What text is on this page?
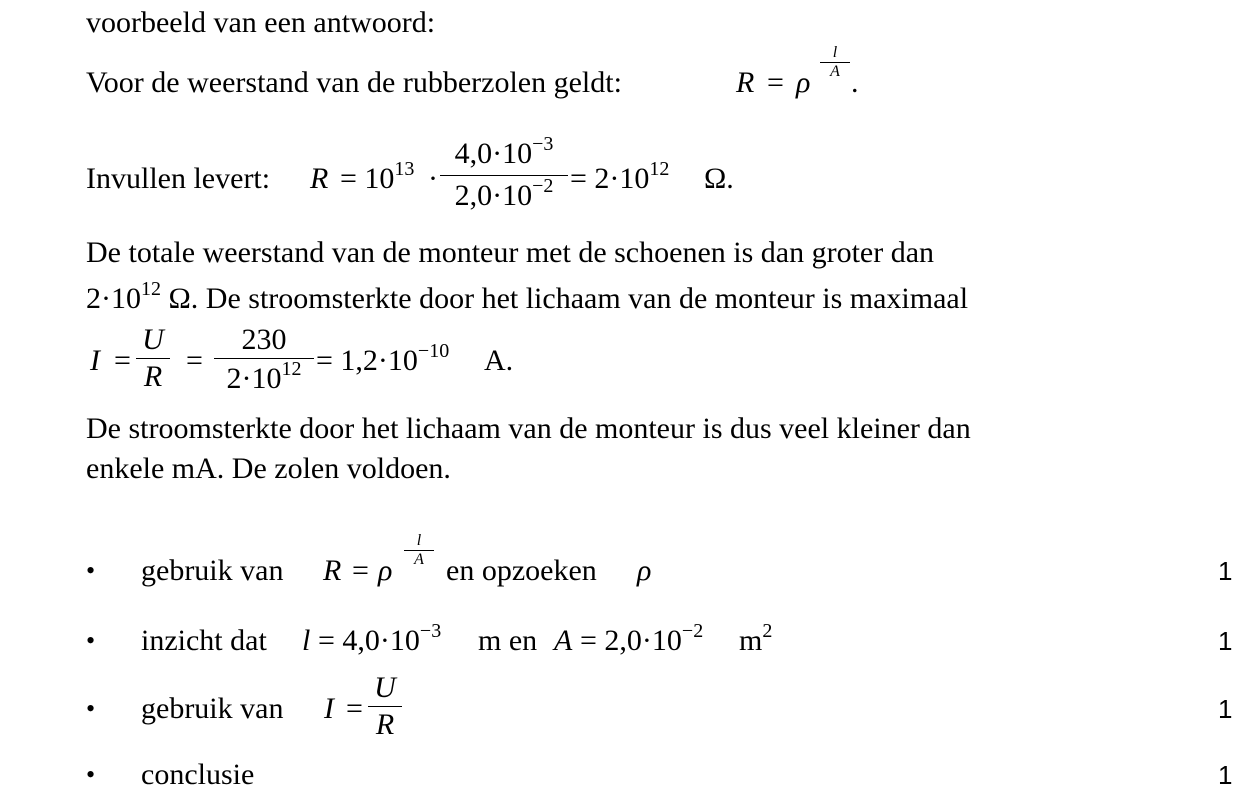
voorbeeld van een antwoord:
Voor de weerstand van de rubberzolen geldt:	R = ρ
l
A .
Invullen levert: $R = 10^{13}$ ·
$4,0\cdot 10^{-3}$
$2,0\cdot 10^{-2} = 2\cdot 10^{12}$ Ω.
De totale weerstand van de monteur met de schoenen is dan groter dan
$2\cdot 10^{12}$ Ω. De stroomsterkte door het lichaam van de monteur is maximaal
I =
U
R =
230
$2\cdot 10^{12} = 1,2\cdot 10^{-10}$ A.
De stroomsterkte door het lichaam van de monteur is dus veel kleiner dan
enkele mA. De zolen voldoen.
• gebruik van R = ρ
l
A en opzoeken ρ	1
• inzicht dat $l = 4,0\cdot 10^{-3}$ m en $A = 2,0\cdot 10^{-2}$ $m^2$	1
• gebruik van I =
U
R	1
• conclusie	1
